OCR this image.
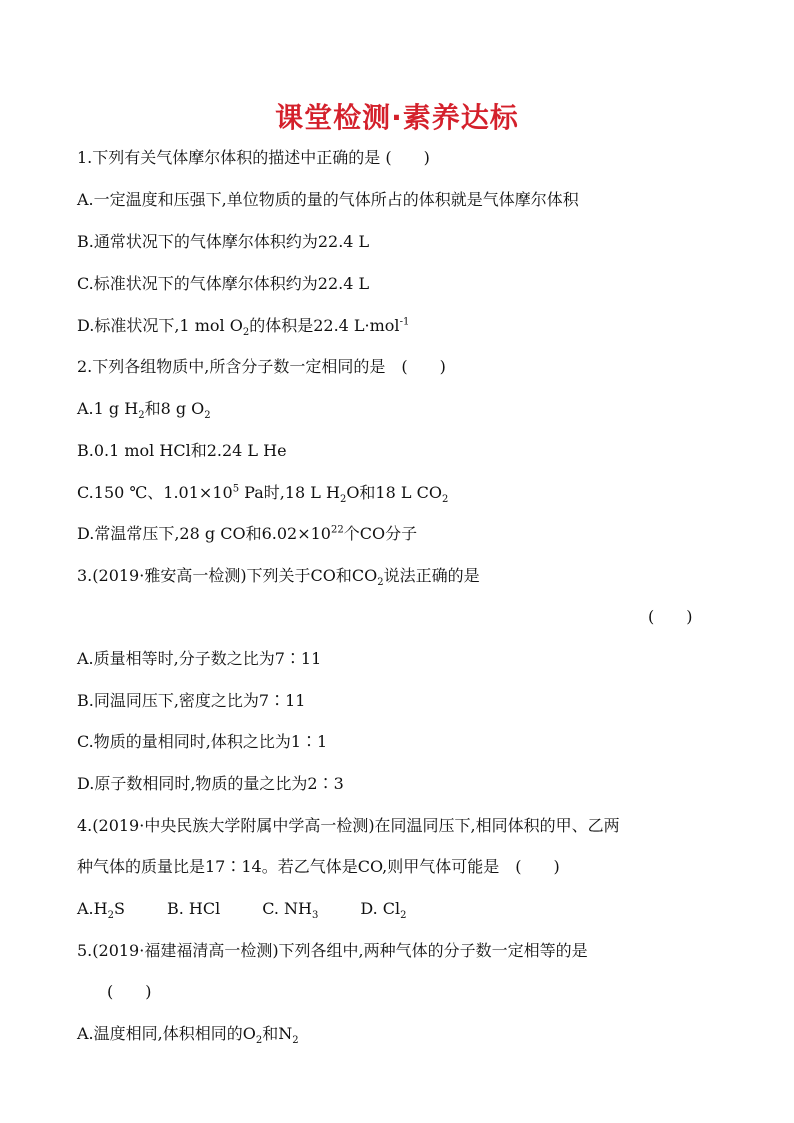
课堂检测·素养达标
1.下列有关气体摩尔体积的描述中正确的是 (　　)
A.一定温度和压强下,单位物质的量的气体所占的体积就是气体摩尔体积
B.通常状况下的气体摩尔体积约为22.4 L
C.标准状况下的气体摩尔体积约为22.4 L
D.标准状况下,1 mol $O_2$的体积是22.4 L·mol$^{-1}$
2.下列各组物质中,所含分子数一定相同的是　(　　)
A.1 g $H_2$和8 g $O_2$
B.0.1 mol HCl和2.24 L He
C.150 ℃、$1.01\times 10^5$ Pa时,18 L $H_2O$和18 L $CO_2$
D.常温常压下,28 g CO和$6.02\times 10^{22}$个CO分子
3.(2019·雅安高一检测)下列关于CO和$CO_2$说法正确的是
(　　)
A.质量相等时,分子数之比为7∶11
B.同温同压下,密度之比为7∶11
C.物质的量相同时,体积之比为1∶1
D.原子数相同时,物质的量之比为2∶3
4.(2019·中央民族大学附属中学高一检测)在同温同压下,相同体积的甲、乙两
种气体的质量比是17∶14。若乙气体是CO,则甲气体可能是　(　　)
$A.H_2S$	B. HCl	C. $NH_3$	D. $Cl_2$
5.(2019·福建福清高一检测)下列各组中,两种气体的分子数一定相等的是
(　　)
A.温度相同,体积相同的$O_2$和$N_2$
